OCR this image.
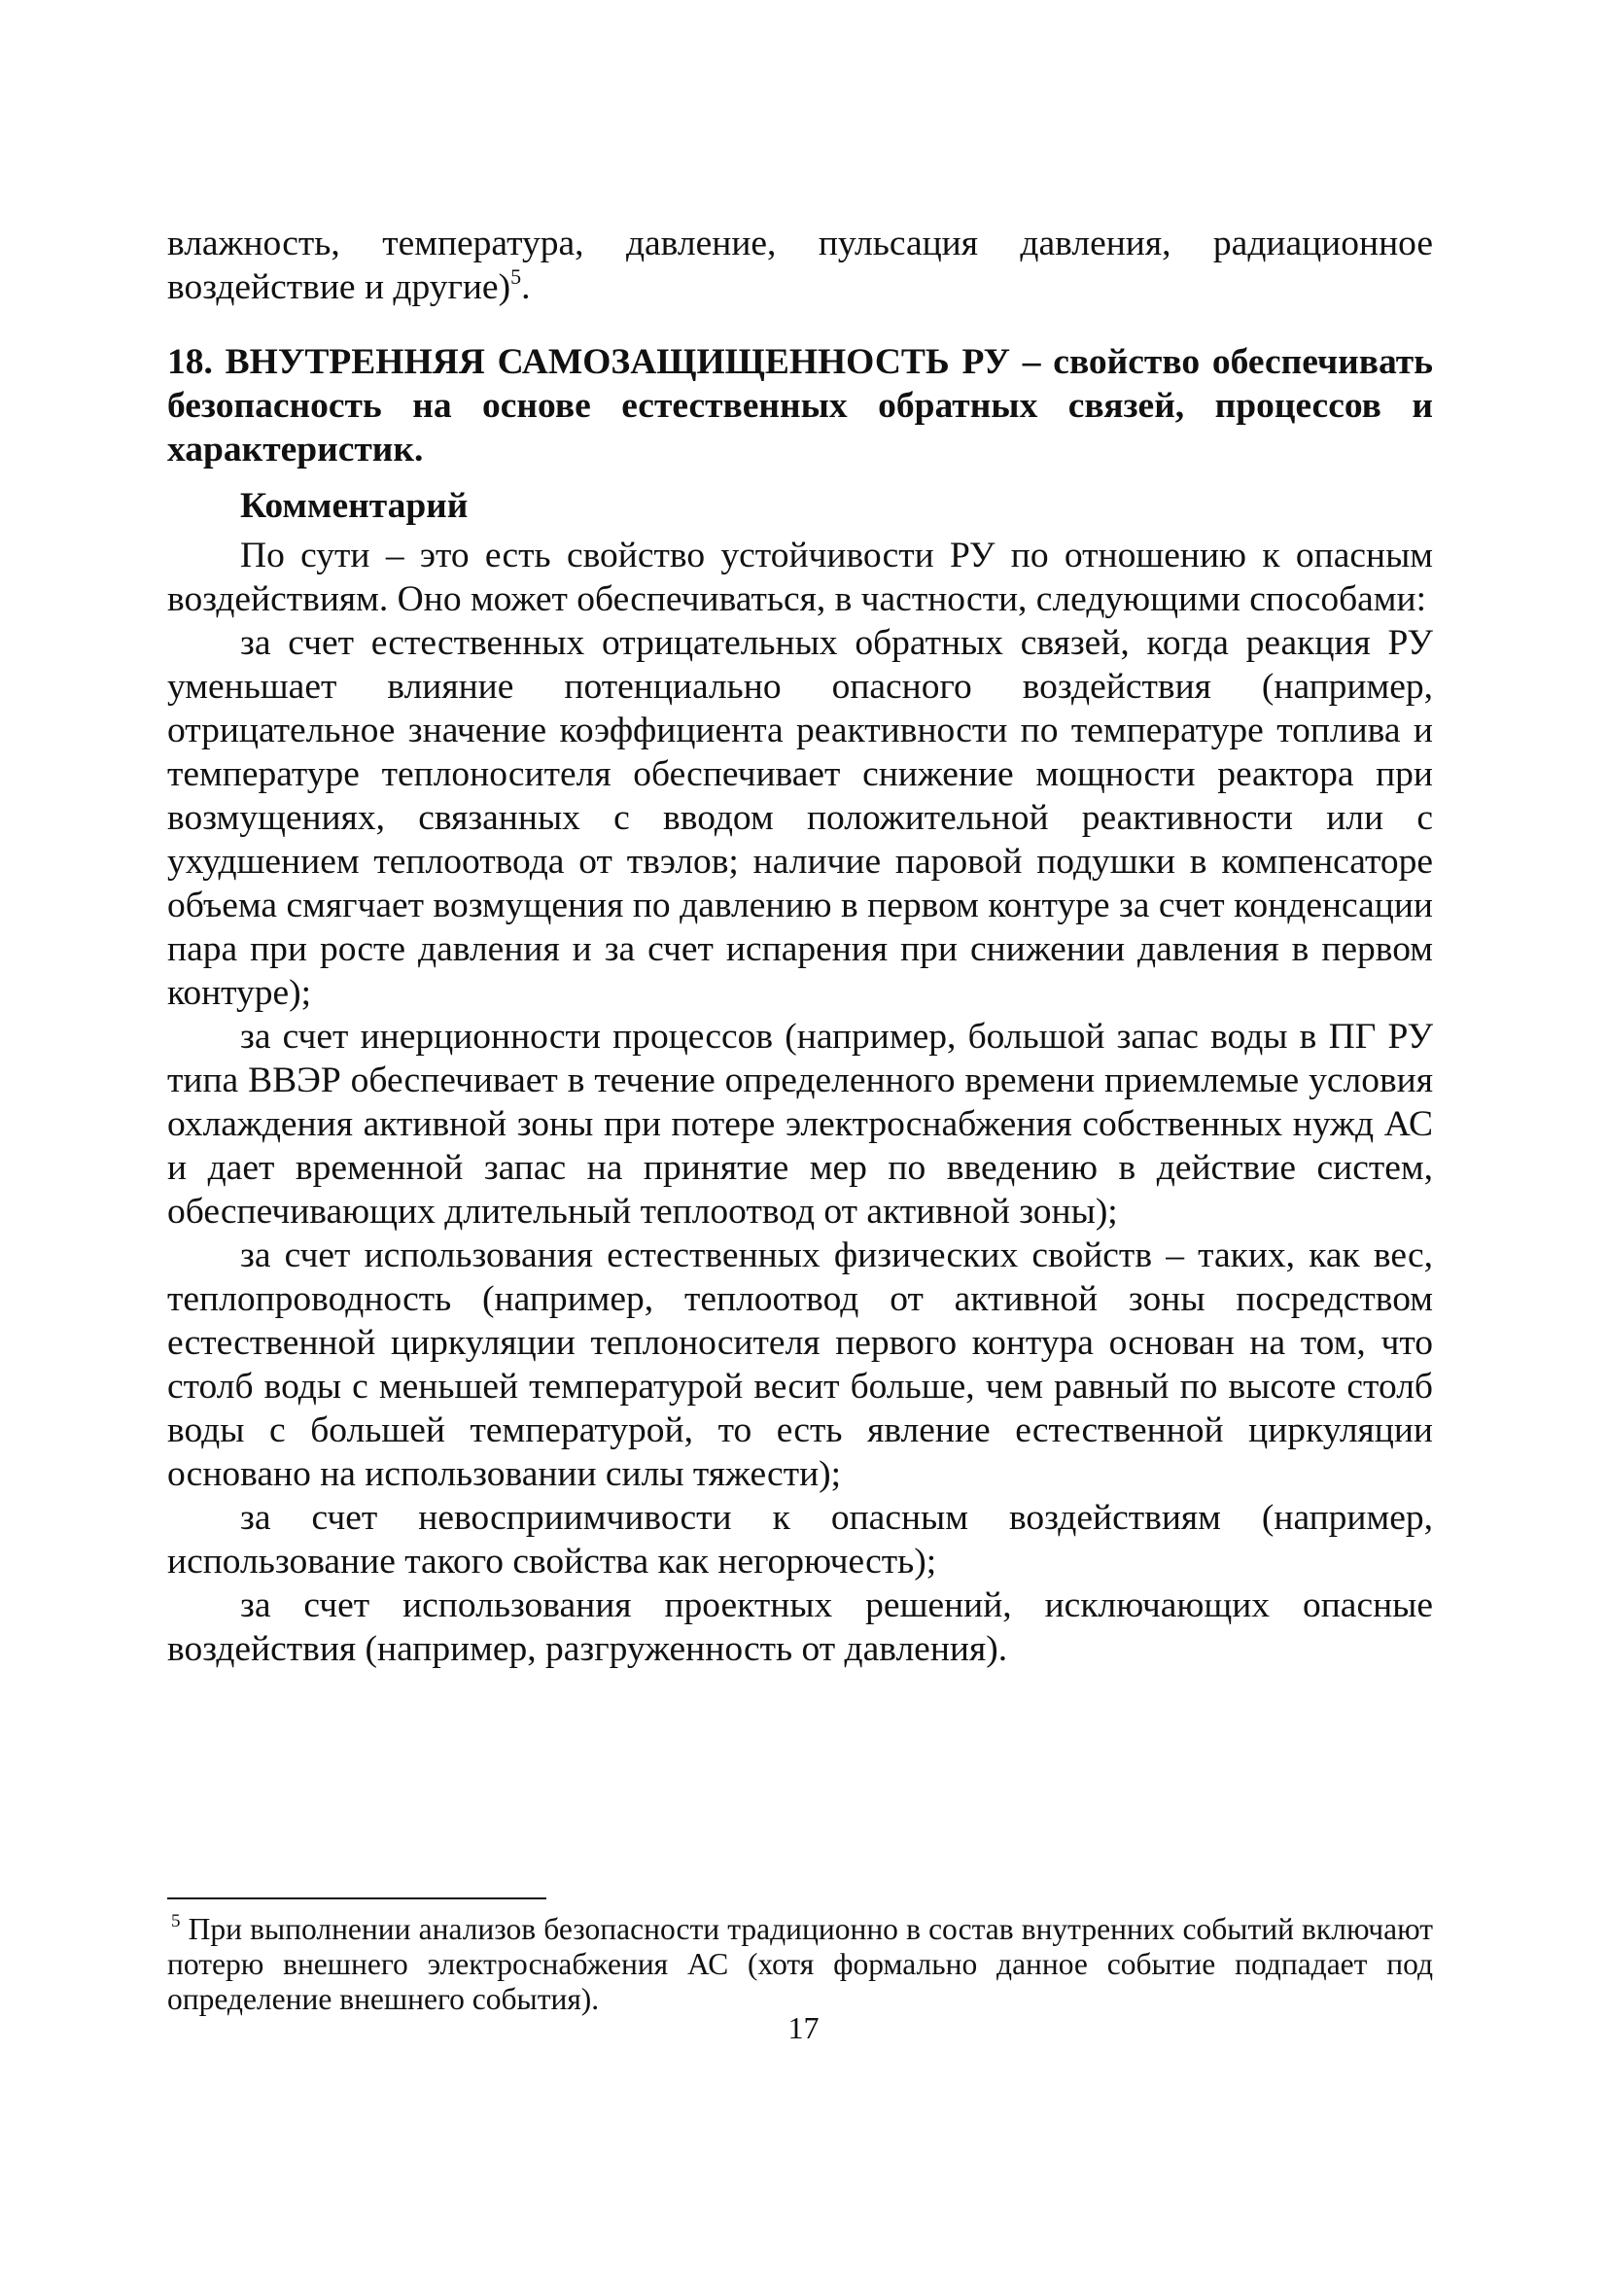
влажность, температура, давление, пульсация давления, радиационное воздействие и другие)$^5$.

18. ВНУТРЕННЯЯ САМОЗАЩИЩЕННОСТЬ РУ – свойство обеспечивать безопасность на основе естественных обратных связей, процессов и характеристик.

Комментарий

По сути – это есть свойство устойчивости РУ по отношению к опасным воздействиям. Оно может обеспечиваться, в частности, следующими способами:

за счет естественных отрицательных обратных связей, когда реакция РУ уменьшает влияние потенциально опасного воздействия (например, отрицательное значение коэффициента реактивности по температуре топлива и температуре теплоносителя обеспечивает снижение мощности реактора при возмущениях, связанных с вводом положительной реактивности или с ухудшением теплоотвода от твэлов; наличие паровой подушки в компенсаторе объема смягчает возмущения по давлению в первом контуре за счет конденсации пара при росте давления и за счет испарения при снижении давления в первом контуре);

за счет инерционности процессов (например, большой запас воды в ПГ РУ типа ВВЭР обеспечивает в течение определенного времени приемлемые условия охлаждения активной зоны при потере электроснабжения собственных нужд АС и дает временной запас на принятие мер по введению в действие систем, обеспечивающих длительный теплоотвод от активной зоны);

за счет использования естественных физических свойств – таких, как вес, теплопроводность (например, теплоотвод от активной зоны посредством естественной циркуляции теплоносителя первого контура основан на том, что столб воды с меньшей температурой весит больше, чем равный по высоте столб воды с большей температурой, то есть явление естественной циркуляции основано на использовании силы тяжести);

за счет невосприимчивости к опасным воздействиям (например, использование такого свойства как негорючесть);

за счет использования проектных решений, исключающих опасные воздействия (например, разгруженность от давления).

$^5$ При выполнении анализов безопасности традиционно в состав внутренних событий включают потерю внешнего электроснабжения АС (хотя формально данное событие подпадает под определение внешнего события).

17
